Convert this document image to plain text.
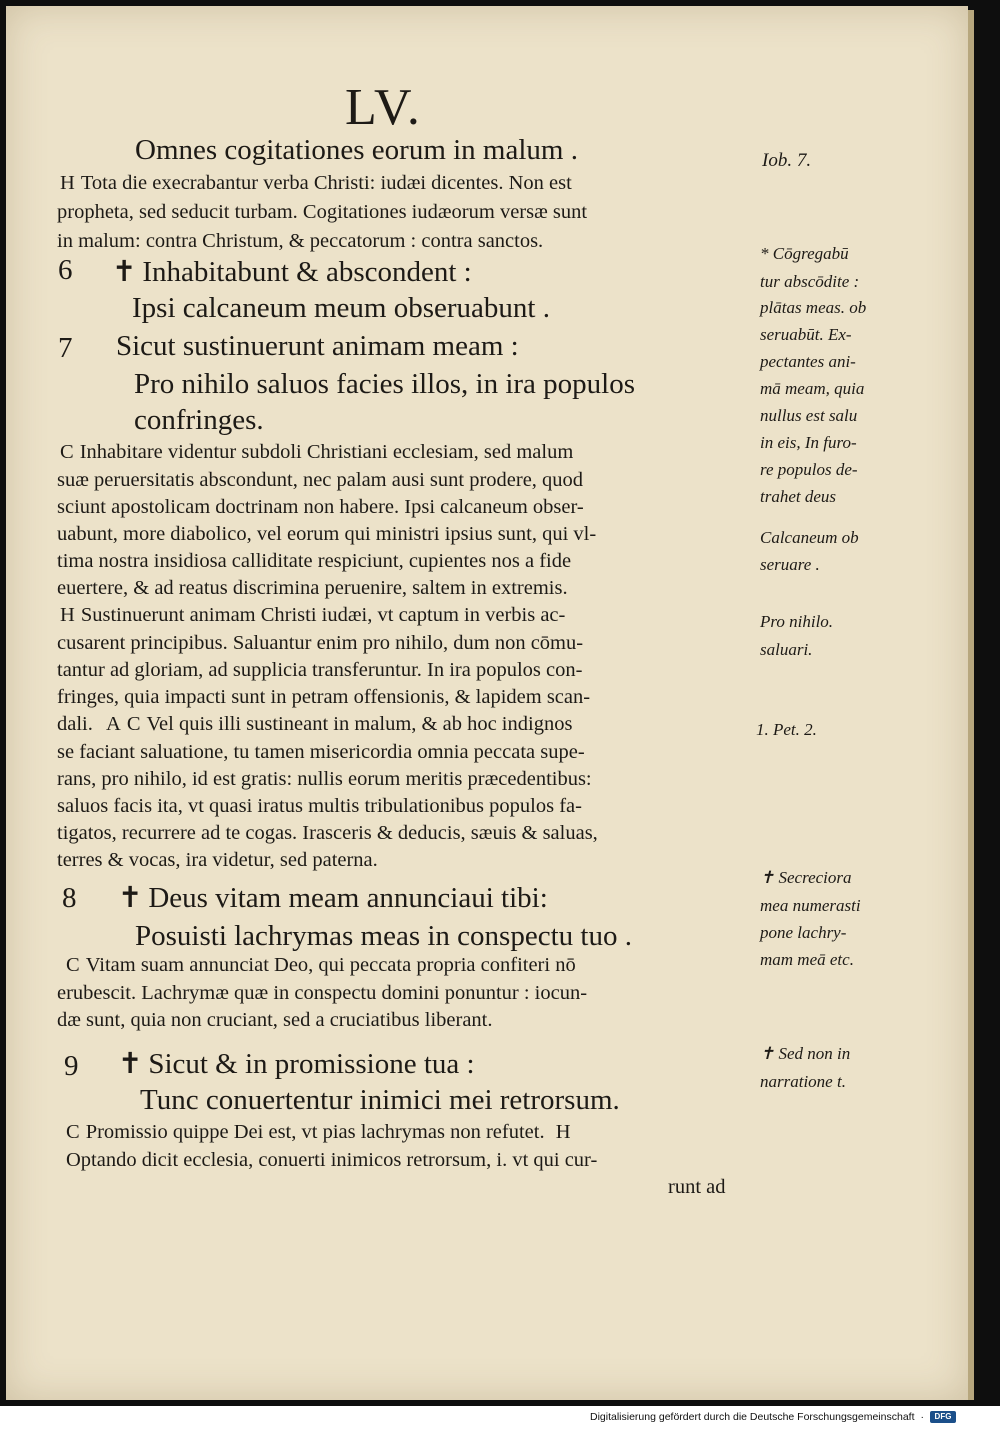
LV.
Omnes cogitationes eorum in malum .
H Tota die execrabantur verba Christi: iudæi dicentes. Non est
propheta, sed seducit turbam. Cogitationes iudæorum versæ sunt
in malum: contra Christum, & peccatorum : contra sanctos.
6 ✝ Inhabitabunt & abscondent :
Ipsi calcaneum meum obseruabunt .
7 Sicut sustinuerunt animam meam :
Pro nihilo saluos facies illos, in ira populos
confringes.
C Inhabitare videntur subdoli Christiani ecclesiam, sed malum
suæ peruersitatis abscondunt, nec palam ausi sunt prodere, quod
sciunt apostolicam doctrinam non habere. Ipsi calcaneum obser-
uabunt, more diabolico, vel eorum qui ministri ipsius sunt, qui vl-
tima nostra insidiosa calliditate respiciunt, cupientes nos a fide
euertere, & ad reatus discrimina peruenire, saltem in extremis.
H Sustinuerunt animam Christi iudæi, vt captum in verbis ac-
cusarent principibus. Saluantur enim pro nihilo, dum non cōmu-
tantur ad gloriam, ad supplicia transferuntur. In ira populos con-
fringes, quia impacti sunt in petram offensionis, & lapidem scan-
dali. A C Vel quis illi sustineant in malum, & ab hoc indignos
se faciant saluatione, tu tamen misericordia omnia peccata supe-
rans, pro nihilo, id est gratis: nullis eorum meritis præcedentibus:
saluos facis ita, vt quasi iratus multis tribulationibus populos fa-
tigatos, recurrere ad te cogas. Irasceris & deducis, sæuis & saluas,
terres & vocas, ira videtur, sed paterna.
8 ✝ Deus vitam meam annunciaui tibi:
Posuisti lachrymas meas in conspectu tuo .
C Vitam suam annunciat Deo, qui peccata propria confiteri nō
erubescit. Lachrymæ quæ in conspectu domini ponuntur : iocun-
dæ sunt, quia non cruciant, sed a cruciatibus liberant.
9 ✝ Sicut & in promissione tua :
Tunc conuertentur inimici mei retrorsum.
C Promissio quippe Dei est, vt pias lachrymas non refutet. H
Optando dicit ecclesia, conuerti inimicos retrorsum, i. vt qui cur-
runt ad
Iob. 7.
* Cōgregabū
tur abscōdite :
plātas meas. ob
seruabūt. Ex-
pectantes ani-
mā meam, quia
nullus est salu
in eis, In furo-
re populos de-
trahet deus
Calcaneum ob
seruare .
Pro nihilo.
saluari.
1. Pet. 2.
✝ Secreciora
mea numerasti
pone lachry-
mam meā etc.
✝ Sed non in
narratione t.
Digitalisierung gefördert durch die Deutsche Forschungsgemeinschaft ·	DFG
